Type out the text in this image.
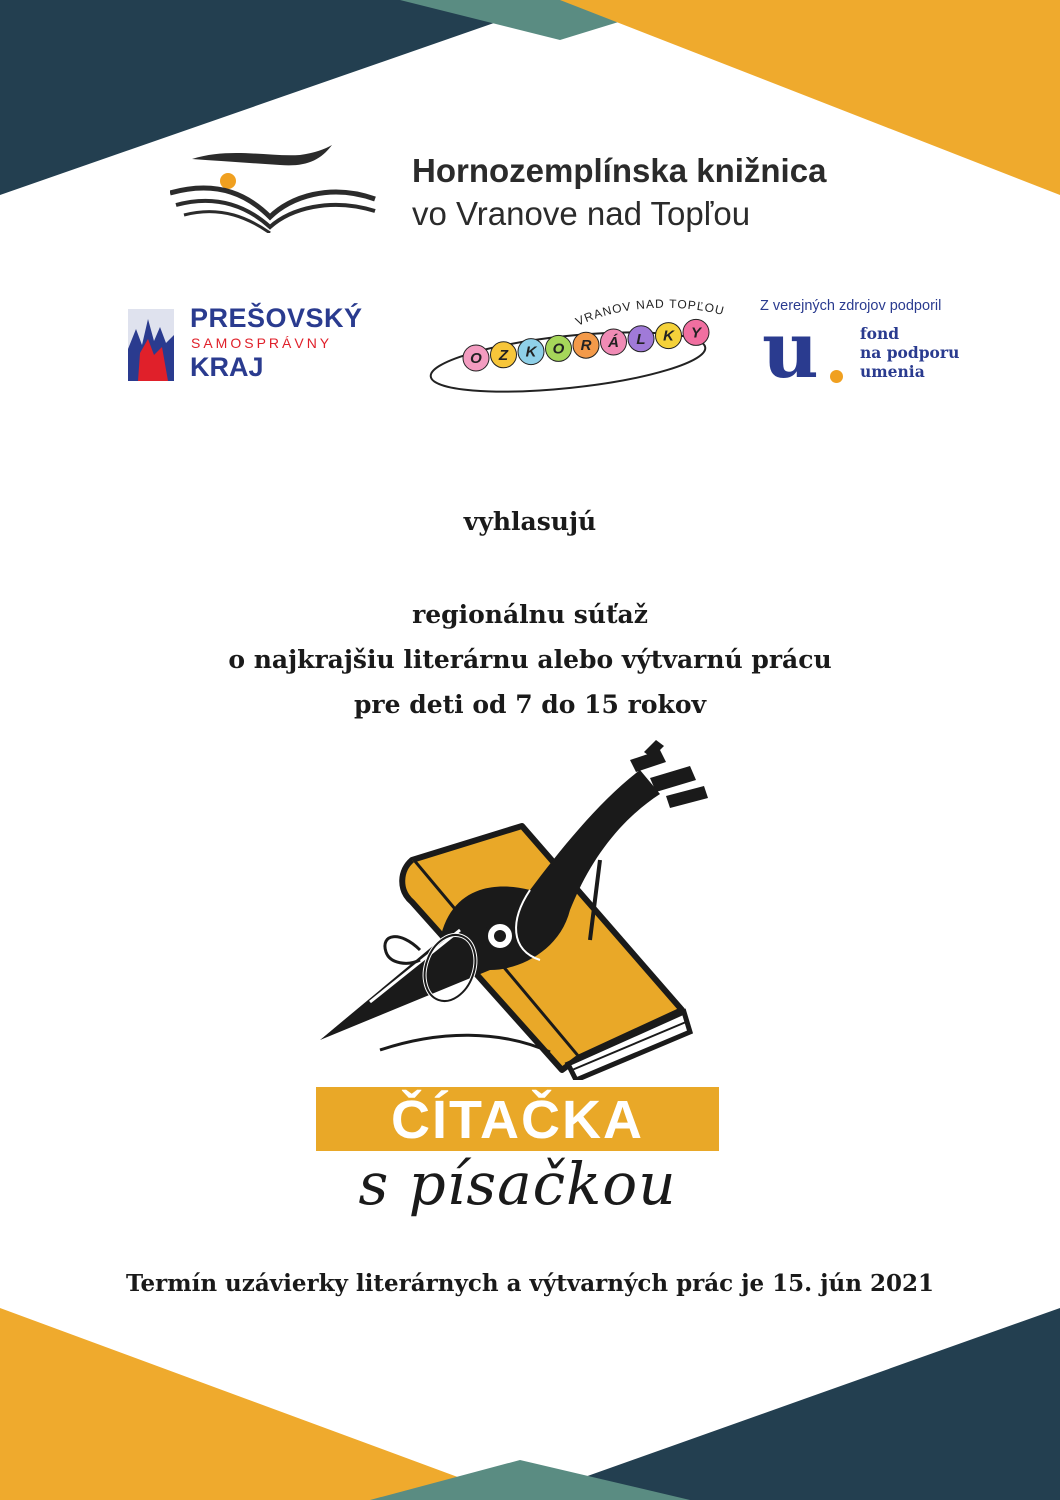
Hornozemplínska knižnica
vo Vranove nad Topľou
PREŠOVSKÝ
SAMOSPRÁVNY
KRAJ
VRANOV NAD TOPĽOU
O Z K O R Á L K Y
Z verejných zdrojov podporil
u	fond
na podporu
umenia
vyhlasujú
regionálnu súťaž
o najkrajšiu literárnu alebo výtvarnú prácu
pre deti od 7 do 15 rokov
ČÍTAČKA
s písačkou
Termín uzávierky literárnych a výtvarných prác je 15. jún 2021
